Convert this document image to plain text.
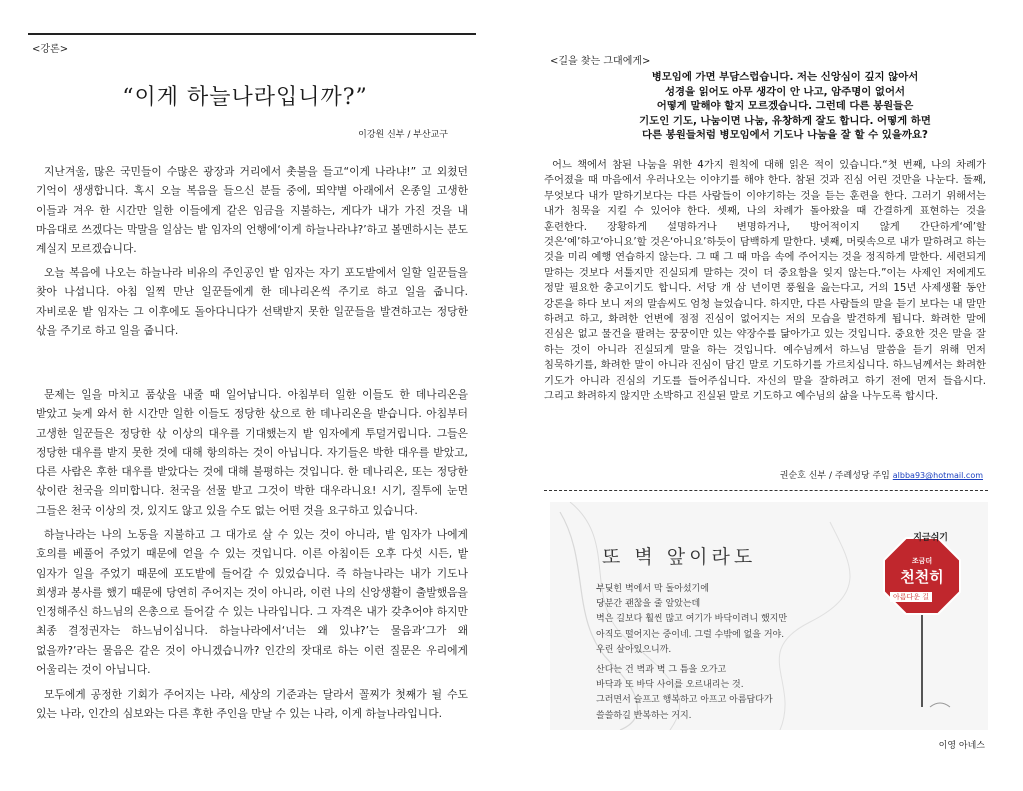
<강론>
“이게 하늘나라입니까?”
이강원 신부 / 부산교구

지난겨울, 많은 국민들이 수많은 광장과 거리에서 촛불을 들고“이게 나라냐!” 고 외쳤던 기억이 생생합니다. 혹시 오늘 복음을 들으신 분들 중에, 뙤약볕 아래에서 온종일 고생한 이들과 겨우 한 시간만 일한 이들에게 같은 임금을 지불하는, 게다가 내가 가진 것을 내 마음대로 쓰겠다는 막말을 일삼는 밭 임자의 언행에‘이게 하늘나라냐?’하고 볼멘하시는 분도 계실지 모르겠습니다.

오늘 복음에 나오는 하늘나라 비유의 주인공인 밭 임자는 자기 포도밭에서 일할 일꾼들을 찾아 나섭니다. 아침 일찍 만난 일꾼들에게 한 데나리온씩 주기로 하고 일을 줍니다. 자비로운 밭 임자는 그 이후에도 돌아다니다가 선택받지 못한 일꾼들을 발견하고는 정당한 삯을 주기로 하고 일을 줍니다.

문제는 일을 마치고 품삯을 내줄 때 일어납니다. 아침부터 일한 이들도 한 데나리온을 받았고 늦게 와서 한 시간만 일한 이들도 정당한 삯으로 한 데나리온을 받습니다. 아침부터 고생한 일꾼들은 정당한 삯 이상의 대우를 기대했는지 밭 임자에게 투덜거립니다. 그들은 정당한 대우를 받지 못한 것에 대해 항의하는 것이 아닙니다. 자기들은 박한 대우를 받았고, 다른 사람은 후한 대우를 받았다는 것에 대해 불평하는 것입니다. 한 데나리온, 또는 정당한 삯이란 천국을 의미합니다. 천국을 선물 받고 그것이 박한 대우라니요! 시기, 질투에 눈먼 그들은 천국 이상의 것, 있지도 않고 있을 수도 없는 어떤 것을 요구하고 있습니다.

하늘나라는 나의 노동을 지불하고 그 대가로 살 수 있는 것이 아니라, 밭 임자가 나에게 호의를 베풀어 주었기 때문에 얻을 수 있는 것입니다. 이른 아침이든 오후 다섯 시든, 밭 임자가 일을 주었기 때문에 포도밭에 들어갈 수 있었습니다. 즉 하늘나라는 내가 기도나 희생과 봉사를 했기 때문에 당연히 주어지는 것이 아니라, 이런 나의 신앙생활이 출발했음을 인정해주신 하느님의 은총으로 들어갈 수 있는 나라입니다. 그 자격은 내가 갖추어야 하지만 최종 결정권자는 하느님이십니다. 하늘나라에서‘너는 왜 있냐?’는 물음과‘그가 왜 없을까?’라는 물음은 같은 것이 아니겠습니까? 인간의 잣대로 하는 이런 질문은 우리에게 어울리는 것이 아닙니다.

모두에게 공정한 기회가 주어지는 나라, 세상의 기준과는 달라서 꼴찌가 첫째가 될 수도 있는 나라, 인간의 심보와는 다른 후한 주인을 만날 수 있는 나라, 이게 하늘나라입니다.

<길을 찾는 그대에게>
병모임에 가면 부담스럽습니다. 저는 신앙심이 깊지 않아서
성경을 읽어도 아무 생각이 안 나고, 암주명이 없어서
어떻게 말해야 할지 모르겠습니다. 그런데 다른 봉원들은
기도인 기도, 나눔이면 나눔, 유창하게 잘도 합니다. 어떻게 하면
다른 봉원들처럼 병모임에서 기도나 나눔을 잘 할 수 있을까요?

어느 책에서 참된 나눔을 위한 4가지 원칙에 대해 읽은 적이 있습니다.“첫 번째, 나의 차례가 주어졌을 때 마음에서 우러나오는 이야기를 해야 한다. 참된 것과 진심 어린 것만을 나눈다. 둘째, 무엇보다 내가 말하기보다는 다른 사람들이 이야기하는 것을 듣는 훈련을 한다. 그러기 위해서는 내가 침묵을 지킬 수 있어야 한다. 셋째, 나의 차례가 돌아왔을 때 간결하게 표현하는 것을 훈련한다. 장황하게 설명하거나 변명하거나, 방어적이지 않게 간단하게‘예’할 것은‘예’하고‘아니요’할 것은‘아니요’하듯이 담백하게 말한다. 넷째, 머릿속으로 내가 말하려고 하는 것을 미리 예행 연습하지 않는다. 그 때 그 때 마음 속에 주어지는 것을 정직하게 말한다. 세련되게 말하는 것보다 서툴지만 진실되게 말하는 것이 더 중요함을 잊지 않는다.”이는 사제인 저에게도 정말 필요한 충고이기도 합니다. 서당 개 삼 년이면 풍월을 읊는다고, 거의 15년 사제생활 동안 강론을 하다 보니 저의 말솜씨도 엄청 늘었습니다. 하지만, 다른 사람들의 말을 듣기 보다는 내 말만 하려고 하고, 화려한 언변에 점점 진심이 없어지는 저의 모습을 발견하게 됩니다. 화려한 말에 진심은 없고 물건을 팔려는 꿍꿍이만 있는 약장수를 닮아가고 있는 것입니다. 중요한 것은 말을 잘 하는 것이 아니라 진실되게 말을 하는 것입니다. 예수님께서 하느님 말씀을 듣기 위해 먼저 침묵하기를, 화려한 말이 아니라 진심이 담긴 말로 기도하기를 가르치십니다. 하느님께서는 화려한 기도가 아니라 진심의 기도를 들어주십니다. 자신의 말을 잘하려고 하기 전에 먼저 들읍시다. 그리고 화려하지 않지만 소박하고 진실된 말로 기도하고 예수님의 삶을 나누도록 합시다.

권순호 신부 / 주례성당 주임 albba93@hotmail.com
지금쉬기
또 벽 앞이라도	조금더
천천히
아름다운 길
부딪힌 벽에서 막 돌아섰기에
당분간 괜찮을 줄 알았는데
벽은 길보다 훨씬 많고 여기가 바닥이려니 했지만
아직도 떨어지는 중이네. 그럴 수밖에 없을 거야.
우린 살아있으니까.
산다는 건 벽과 벽 그 틈을 오가고
바닥과 또 바닥 사이를 오르내리는 것.
그러면서 슬프고 행복하고 아프고 아름답다가
쓸쓸하길 반복하는 거지.
이영 아네스
